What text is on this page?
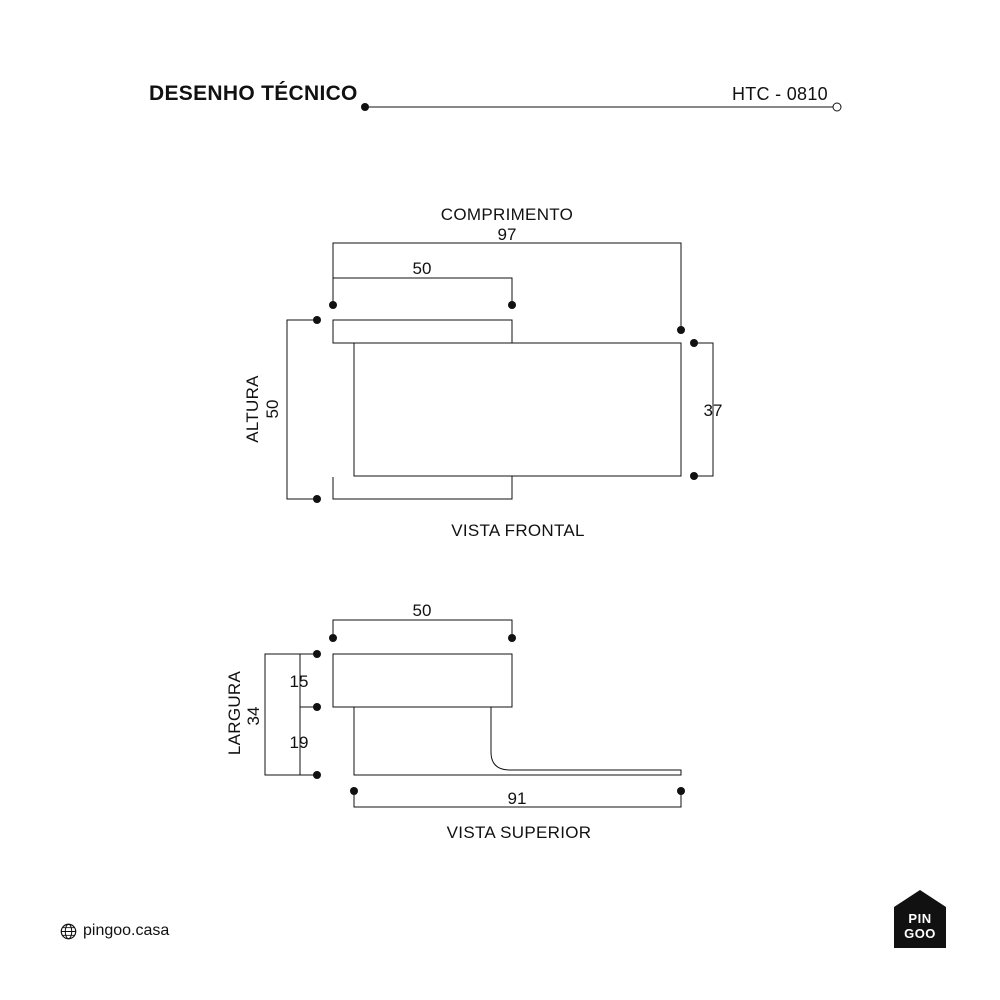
DESENHO TÉCNICO	HTC - 0810
COMPRIMENTO
97
50
ALTURA 50	37
VISTA FRONTAL
50
LARGURA 34
15
19
91
VISTA SUPERIOR
pingoo.casa
PIN
GOO
